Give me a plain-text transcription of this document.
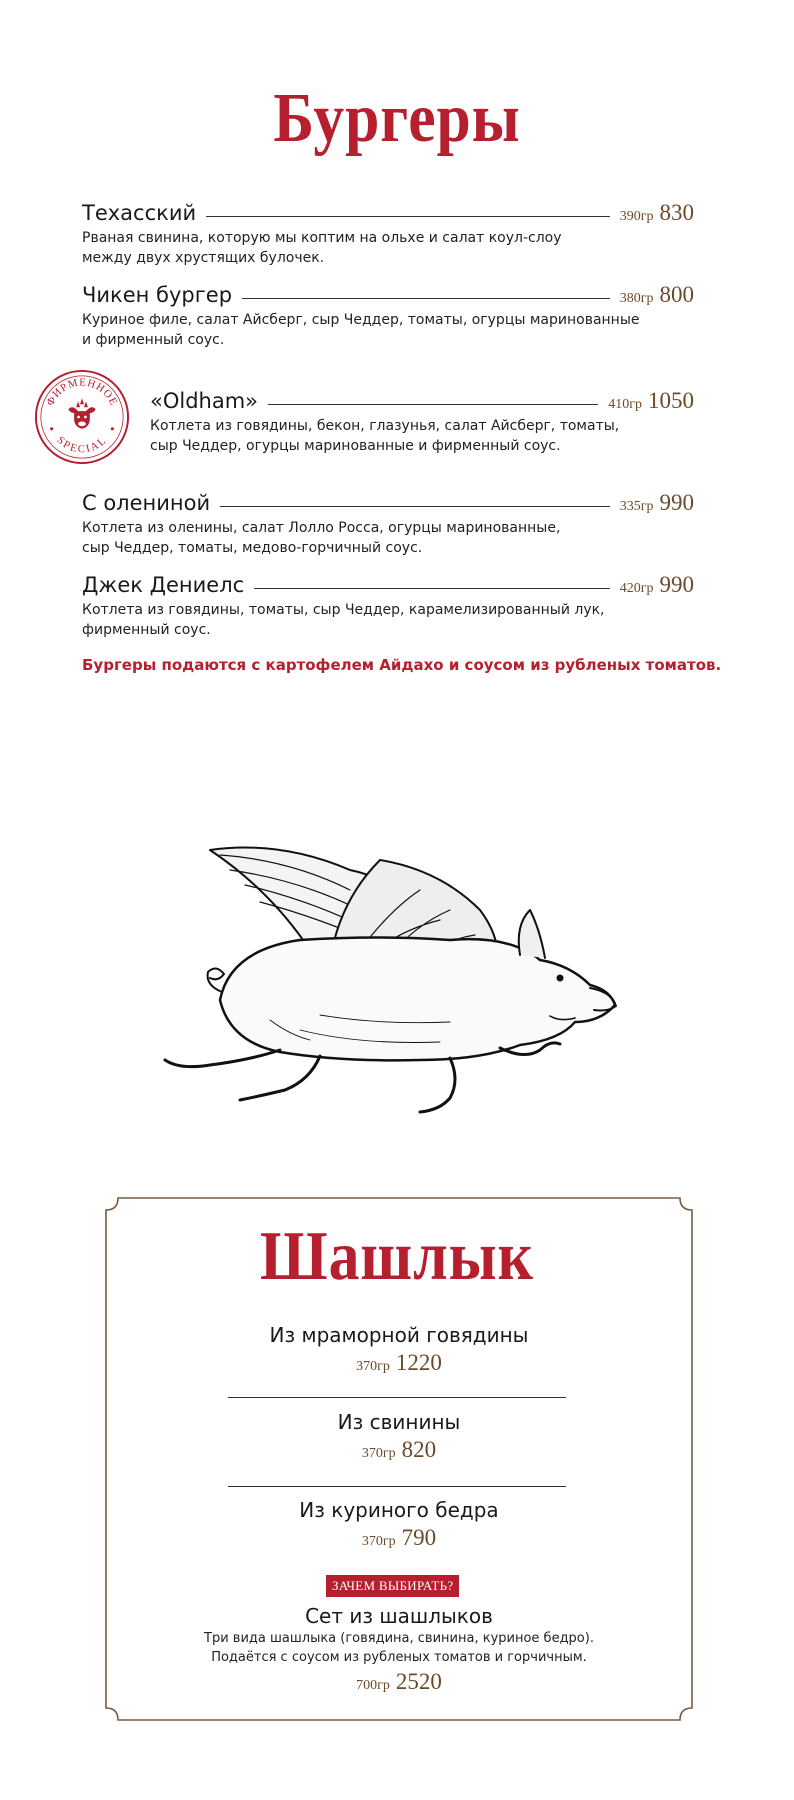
Бургеры
Техасский	390гр 830
Рваная свинина, которую мы коптим на ольхе и салат коул-слоу
между двух хрустящих булочек.
Чикен бургер	380гр 800
Куриное филе, салат Айсберг, сыр Чеддер, томаты, огурцы маринованные
и фирменный соус.
ФИРМЕННОЕ
SPECIAL
«Oldham»	410гр 1050
Котлета из говядины, бекон, глазунья, салат Айсберг, томаты,
сыр Чеддер, огурцы маринованные и фирменный соус.
С олениной	335гр 990
Котлета из оленины, салат Лолло Росса, огурцы маринованные,
сыр Чеддер, томаты, медово-горчичный соус.
Джек Дениелс	420гр 990
Котлета из говядины, томаты, сыр Чеддер, карамелизированный лук,
фирменный соус.
Бургеры подаются с картофелем Айдахо и соусом из рубленых томатов.
Шашлык
Из мраморной говядины
370гр 1220
Из свинины
370гр 820
Из куриного бедра
370гр 790
ЗАЧЕМ ВЫБИРАТЬ?
Сет из шашлыков
Три вида шашлыка (говядина, свинина, куриное бедро).
Подаётся с соусом из рубленых томатов и горчичным.
700гр 2520
